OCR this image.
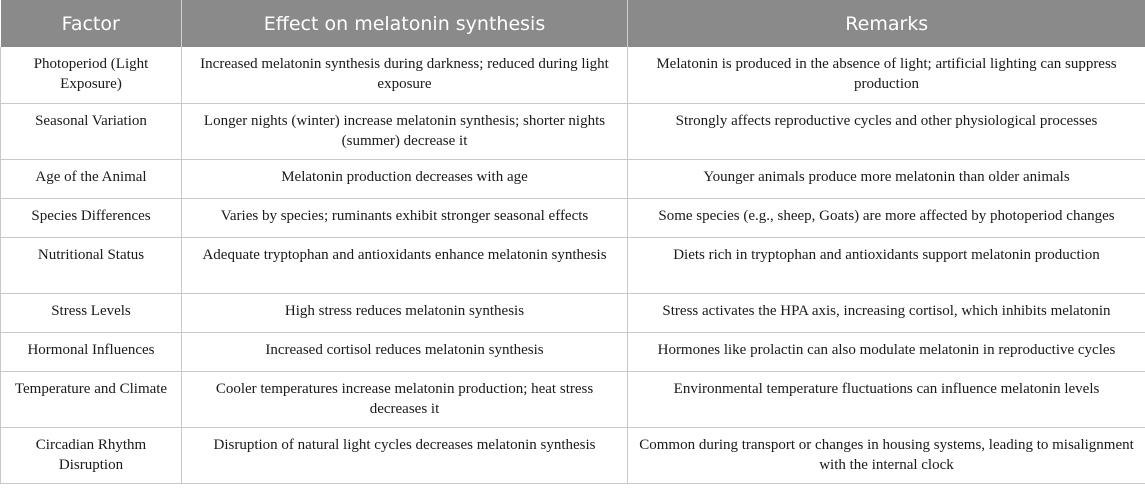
Factor	Effect on melatonin synthesis	Remarks
Photoperiod (Light Exposure)	Increased melatonin synthesis during darkness; reduced during light exposure	Melatonin is produced in the absence of light; artificial lighting can suppress production
Seasonal Variation	Longer nights (winter) increase melatonin synthesis; shorter nights (summer) decrease it	Strongly affects reproductive cycles and other physiological processes
Age of the Animal	Melatonin production decreases with age	Younger animals produce more melatonin than older animals
Species Differences	Varies by species; ruminants exhibit stronger seasonal effects	Some species (e.g., sheep, Goats) are more affected by photoperiod changes
Nutritional Status	Adequate tryptophan and antioxidants enhance melatonin synthesis	Diets rich in tryptophan and antioxidants support melatonin production
Stress Levels	High stress reduces melatonin synthesis	Stress activates the HPA axis, increasing cortisol, which inhibits melatonin
Hormonal Influences	Increased cortisol reduces melatonin synthesis	Hormones like prolactin can also modulate melatonin in reproductive cycles
Temperature and Climate	Cooler temperatures increase melatonin production; heat stress decreases it	Environmental temperature fluctuations can influence melatonin levels
Circadian Rhythm Disruption	Disruption of natural light cycles decreases melatonin synthesis	Common during transport or changes in housing systems, leading to misalignment with the internal clock
